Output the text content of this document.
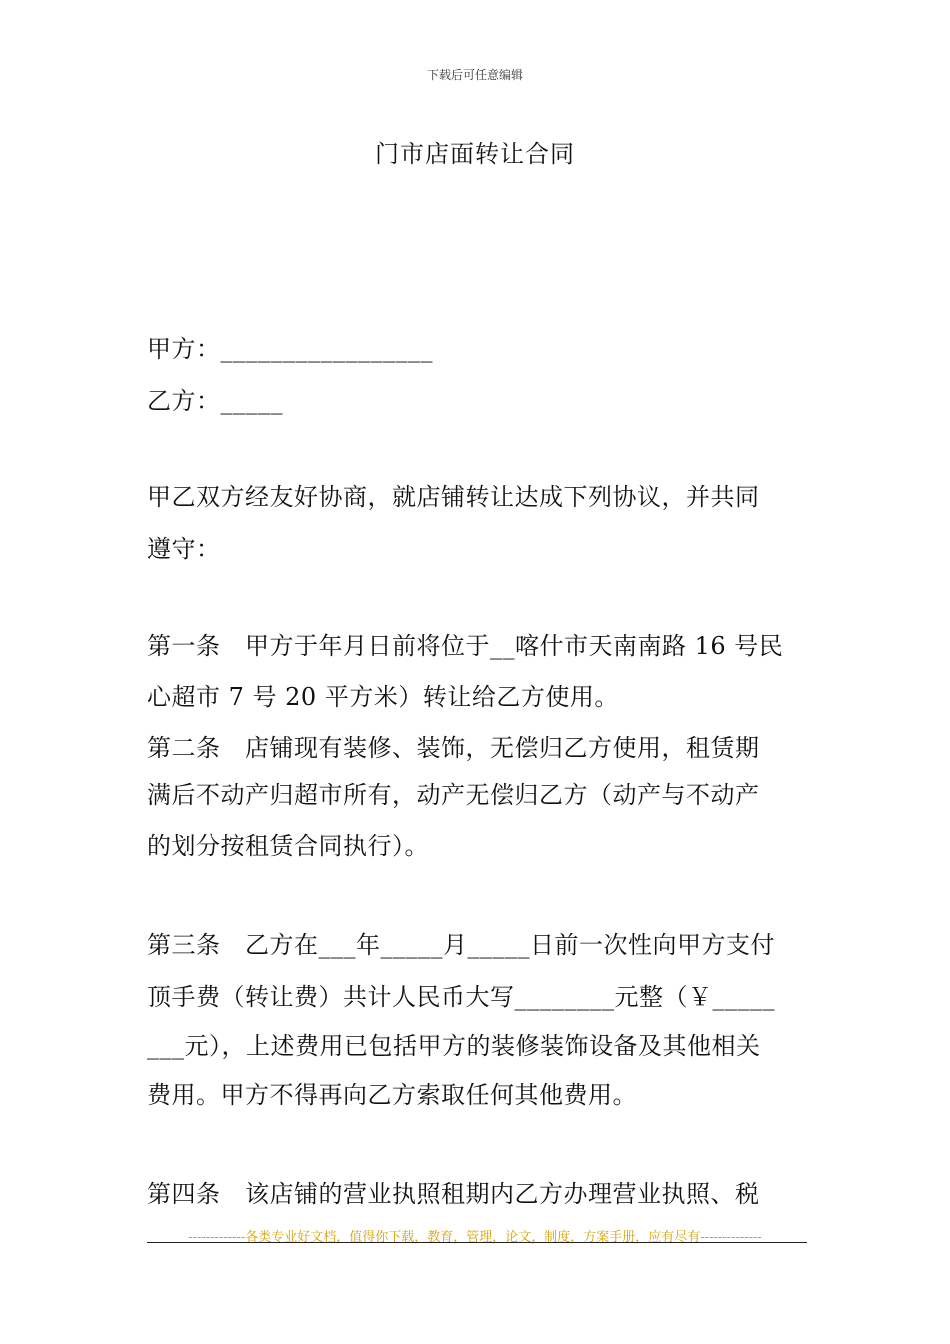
下载后可任意编辑
门市店面转让合同
甲方：_________________
乙方：_____
甲乙双方经友好协商，就店铺转让达成下列协议，并共同
遵守：
第一条　甲方于年月日前将位于__喀什市天南南路 16 号民
心超市 7 号 20 平方米）转让给乙方使用。
第二条　店铺现有装修、装饰，无偿归乙方使用，租赁期
满后不动产归超市所有，动产无偿归乙方（动产与不动产
的划分按租赁合同执行）。
第三条　乙方在___年_____月_____日前一次性向甲方支付
顶手费（转让费）共计人民币大写________元整（￥_____
___元），上述费用已包括甲方的装修装饰设备及其他相关
费用。甲方不得再向乙方索取任何其他费用。
第四条　该店铺的营业执照租期内乙方办理营业执照、税
-------------各类专业好文档，值得你下载，教育，管理，论文，制度，方案手册，应有尽有--------------
